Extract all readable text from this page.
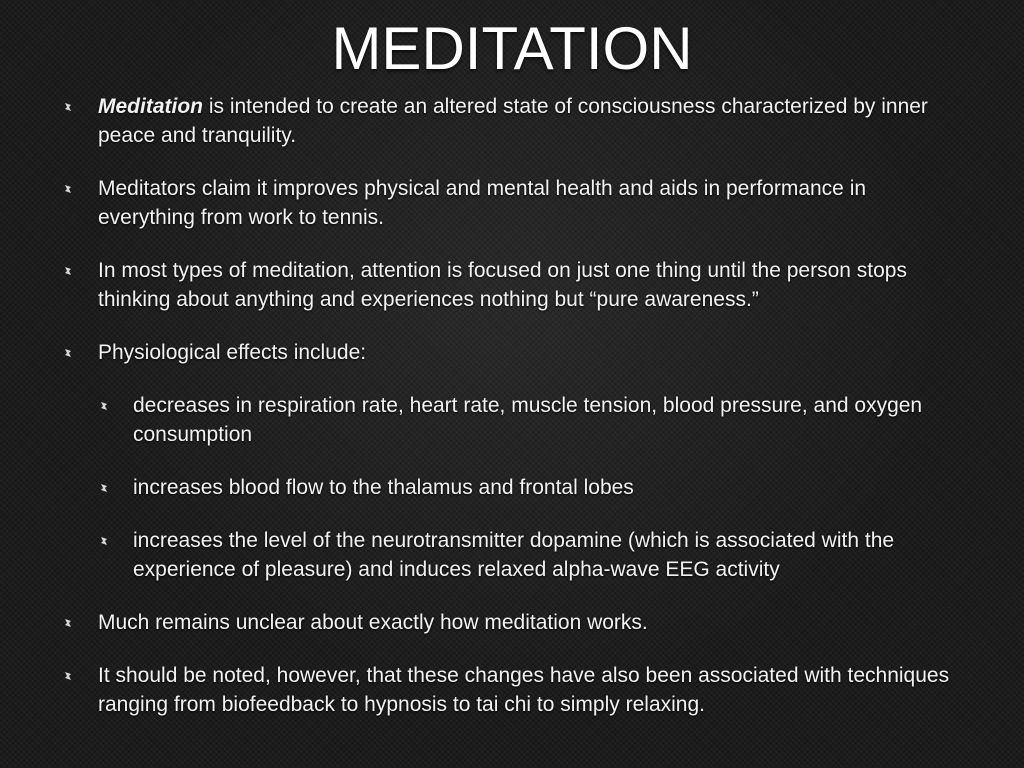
MEDITATION
Meditation is intended to create an altered state of consciousness characterized by inner peace and tranquility.
Meditators claim it improves physical and mental health and aids in performance in everything from work to tennis.
In most types of meditation, attention is focused on just one thing until the person stops thinking about anything and experiences nothing but “pure awareness.”
Physiological effects include:
decreases in respiration rate, heart rate, muscle tension, blood pressure, and oxygen consumption
increases blood flow to the thalamus and frontal lobes
increases the level of the neurotransmitter dopamine (which is associated with the experience of pleasure) and induces relaxed alpha-wave EEG activity
Much remains unclear about exactly how meditation works.
It should be noted, however, that these changes have also been associated with techniques ranging from biofeedback to hypnosis to tai chi to simply relaxing.
